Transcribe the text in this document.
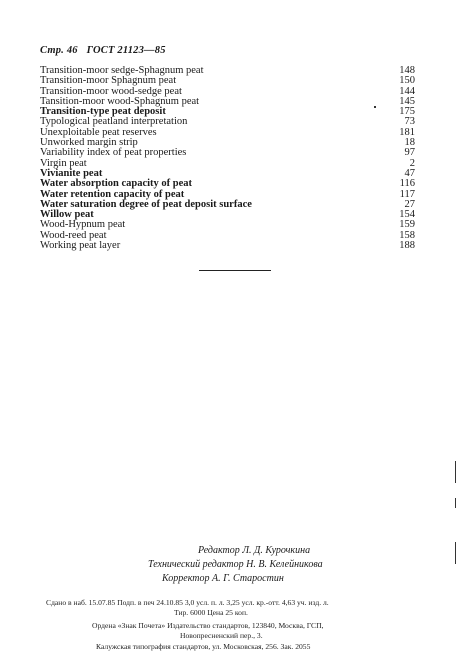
Стр. 46 ГОСТ 21123—85
Transition-moor sedge-Sphagnum peat	148
Transition-moor Sphagnum peat	150
Transition-moor wood-sedge peat	144
Tansition-moor wood-Sphagnum peat	145
Transition-type peat deposit	175
Typological peatland interpretation	73
Unexploitable peat reserves	181
Unworked margin strip	18
Variability index of peat properties	97
Virgin peat	2
Vivianite peat	47
Water absorption capacity of peat	116
Water retention capacity of peat	117
Water saturation degree of peat deposit surface	27
Willow peat	154
Wood-Hypnum peat	159
Wood-reed peat	158
Working peat layer	188
Редактор Л. Д. Курочкина
Технический редактор Н. В. Келейникова
Корректор А. Г. Старостин
Сдано в наб. 15.07.85 Подп. в печ 24.10.85 3,0 усл. п. л. 3,25 усл. кр.-отт. 4,63 уч. изд. л.
Тир. 6000 Цена 25 коп.
Ордена «Знак Почета» Издательство стандартов, 123840, Москва, ГСП,
Новопресненский пер., 3.
Калужская типография стандартов, ул. Московская, 256. Зак. 2055
